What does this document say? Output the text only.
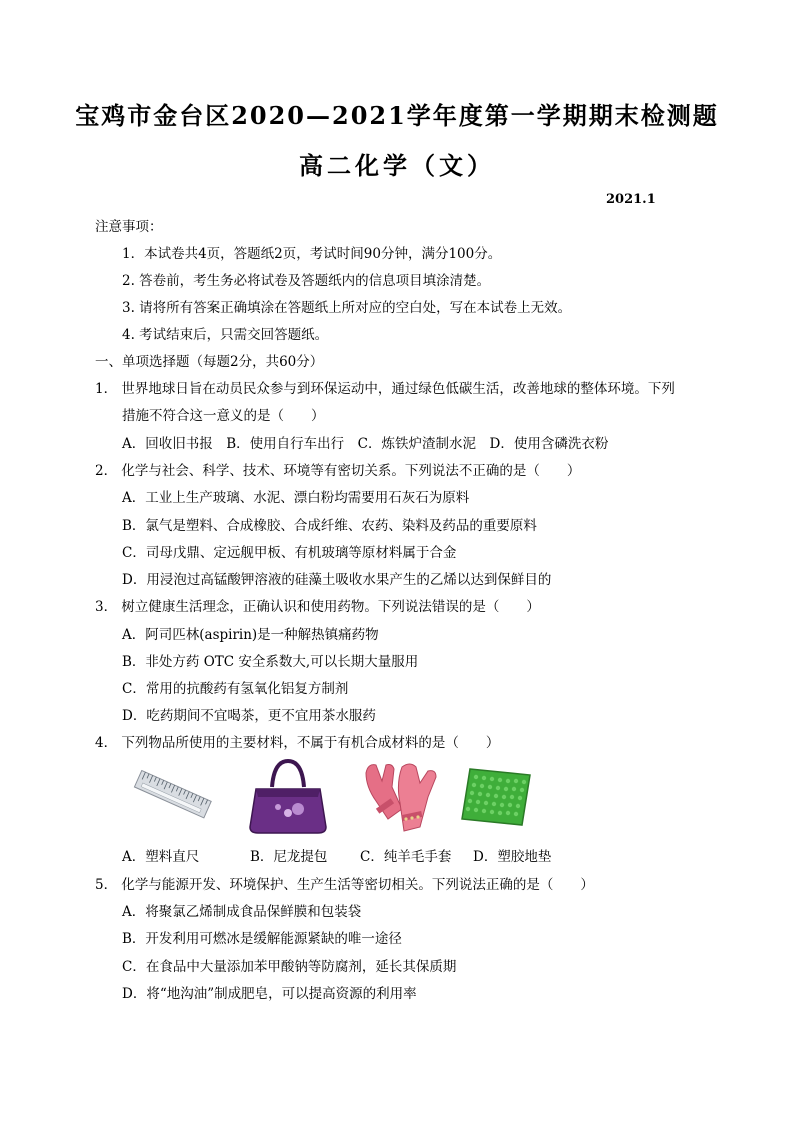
宝鸡市金台区2020—2021学年度第一学期期末检测题
高二化学（文）
2021.1
注意事项：
1．本试卷共4页，答题纸2页，考试时间90分钟，满分100分。
2. 答卷前，考生务必将试卷及答题纸内的信息项目填涂清楚。
3. 请将所有答案正确填涂在答题纸上所对应的空白处，写在本试卷上无效。
4. 考试结束后，只需交回答题纸。
一、单项选择题（每题2分，共60分）
1． 世界地球日旨在动员民众参与到环保运动中，通过绿色低碳生活，改善地球的整体环境。下列
措施不符合这一意义的是（　　）
A．回收旧书报　B．使用自行车出行　C．炼铁炉渣制水泥　D．使用含磷洗衣粉
2． 化学与社会、科学、技术、环境等有密切关系。下列说法不正确的是（　　）
A．工业上生产玻璃、水泥、漂白粉均需要用石灰石为原料
B．氯气是塑料、合成橡胶、合成纤维、农药、染料及药品的重要原料
C．司母戊鼎、定远舰甲板、有机玻璃等原材料属于合金
D．用浸泡过高锰酸钾溶液的硅藻土吸收水果产生的乙烯以达到保鲜目的
3． 树立健康生活理念，正确认识和使用药物。下列说法错误的是（　　）
A．阿司匹林(aspirin)是一种解热镇痛药物
B．非处方药 OTC 安全系数大,可以长期大量服用
C．常用的抗酸药有氢氧化铝复方制剂
D．吃药期间不宜喝茶，更不宜用茶水服药
4． 下列物品所使用的主要材料，不属于有机合成材料的是（　　）
A．塑料直尺	B．尼龙提包 C．纯羊毛手套 D．塑胶地垫
5． 化学与能源开发、环境保护、生产生活等密切相关。下列说法正确的是（　　）
A．将聚氯乙烯制成食品保鲜膜和包装袋
B．开发利用可燃冰是缓解能源紧缺的唯一途径
C．在食品中大量添加苯甲酸钠等防腐剂，延长其保质期
D．将“地沟油”制成肥皂，可以提高资源的利用率
